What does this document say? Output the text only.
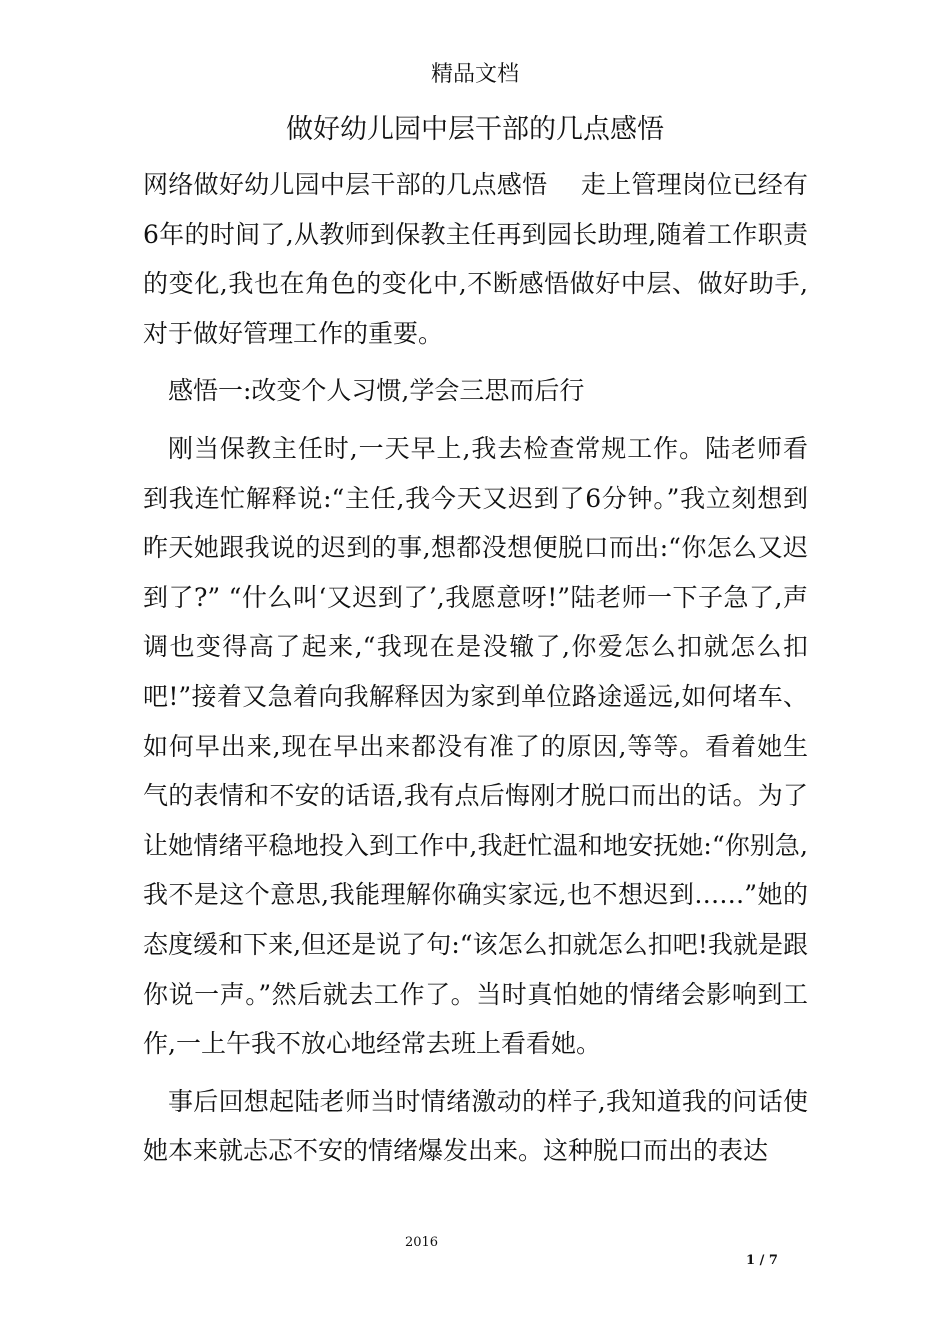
精品文档
做好幼儿园中层干部的几点感悟

网络做好幼儿园中层干部的几点感悟　 走上管理岗位已经有6年的时间了,从教师到保教主任再到园长助理,随着工作职责的变化,我也在角色的变化中,不断感悟做好中层、做好助手,对于做好管理工作的重要。

感悟一:改变个人习惯,学会三思而后行

刚当保教主任时,一天早上,我去检查常规工作。陆老师看到我连忙解释说:“主任,我今天又迟到了6分钟。”我立刻想到昨天她跟我说的迟到的事,想都没想便脱口而出:“你怎么又迟到了?” “什么叫‘又迟到了’,我愿意呀!”陆老师一下子急了,声调也变得高了起来,“我现在是没辙了,你爱怎么扣就怎么扣吧!”接着又急着向我解释因为家到单位路途遥远,如何堵车、如何早出来,现在早出来都没有准了的原因,等等。看着她生气的表情和不安的话语,我有点后悔刚才脱口而出的话。为了让她情绪平稳地投入到工作中,我赶忙温和地安抚她:“你别急,我不是这个意思,我能理解你确实家远,也不想迟到……”她的态度缓和下来,但还是说了句:“该怎么扣就怎么扣吧!我就是跟你说一声。”然后就去工作了。当时真怕她的情绪会影响到工作,一上午我不放心地经常去班上看看她。

事后回想起陆老师当时情绪激动的样子,我知道我的问话使她本来就忐忑不安的情绪爆发出来。这种脱口而出的表达

2016
1 / 7
